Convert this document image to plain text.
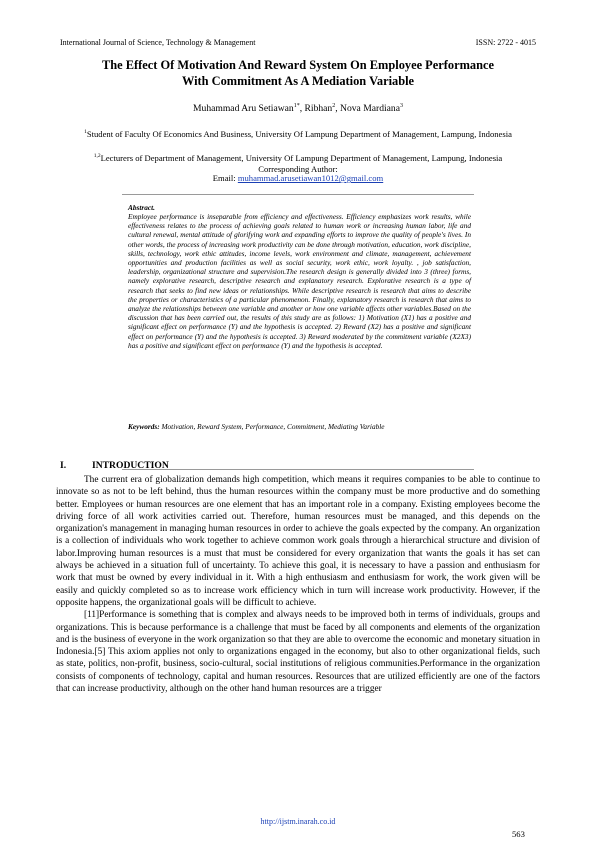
International Journal of Science, Technology & Management	ISSN: 2722 - 4015
The Effect Of Motivation And Reward System On Employee Performance
With Commitment As A Mediation Variable
Muhammad Aru Setiawan$^{1*}$, Ribhan$^2$, Nova Mardiana$^3$
$^1$Student of Faculty Of Economics And Business, University Of Lampung Department of Management, Lampung, Indonesia
$^{1,2}$Lecturers of Department of Management, University Of Lampung Department of Management, Lampung, Indonesia
Corresponding Author:
Email: muhammad.arusetiawan1012@gmail.com
Abstract.
Employee performance is inseparable from efficiency and effectiveness. Efficiency emphasizes work results, while effectiveness relates to the process of achieving goals related to human work or increasing human labor, life and cultural renewal, mental attitude of glorifying work and expanding efforts to improve the quality of people's lives. In other words, the process of increasing work productivity can be done through motivation, education, work discipline, skills, technology, work ethic attitudes, income levels, work environment and climate, management, achievement opportunities and production facilities as well as social security, work ethic, work loyalty. , job satisfaction, leadership, organizational structure and supervision.The research design is generally divided into 3 (three) forms, namely explorative research, descriptive research and explanatory research. Explorative research is a type of research that seeks to find new ideas or relationships. While descriptive research is research that aims to describe the properties or characteristics of a particular phenomenon. Finally, explanatory research is research that aims to analyze the relationships between one variable and another or how one variable affects other variables.Based on the discussion that has been carried out, the results of this study are as follows: 1) Motivation (X1) has a positive and significant effect on performance (Y) and the hypothesis is accepted. 2) Reward (X2) has a positive and significant effect on performance (Y) and the hypothesis is accepted. 3) Reward moderated by the commitment variable (X2X3) has a positive and significant effect on performance (Y) and the hypothesis is accepted.
Keywords: Motivation, Reward System, Performance, Commitment, Mediating Variable
I.	INTRODUCTION

The current era of globalization demands high competition, which means it requires companies to be able to continue to innovate so as not to be left behind, thus the human resources within the company must be more productive and do something better. Employees or human resources are one element that has an important role in a company. Existing employees become the driving force of all work activities carried out. Therefore, human resources must be managed, and this depends on the organization's management in managing human resources in order to achieve the goals expected by the company. An organization is a collection of individuals who work together to achieve common work goals through a hierarchical structure and division of labor.Improving human resources is a must that must be considered for every organization that wants the goals it has set can always be achieved in a situation full of uncertainty. To achieve this goal, it is necessary to have a passion and enthusiasm for work that must be owned by every individual in it. With a high enthusiasm and enthusiasm for work, the work given will be easily and quickly completed so as to increase work efficiency which in turn will increase work productivity. However, if the opposite happens, the organizational goals will be difficult to achieve.

[11]Performance is something that is complex and always needs to be improved both in terms of individuals, groups and organizations. This is because performance is a challenge that must be faced by all components and elements of the organization and is the business of everyone in the work organization so that they are able to overcome the economic and monetary situation in Indonesia.[5] This axiom applies not only to organizations engaged in the economy, but also to other organizational fields, such as state, politics, non-profit, business, socio-cultural, social institutions of religious communities.Performance in the organization consists of components of technology, capital and human resources. Resources that are utilized efficiently are one of the factors that can increase productivity, although on the other hand human resources are a trigger

http://ijstm.inarah.co.id
563
